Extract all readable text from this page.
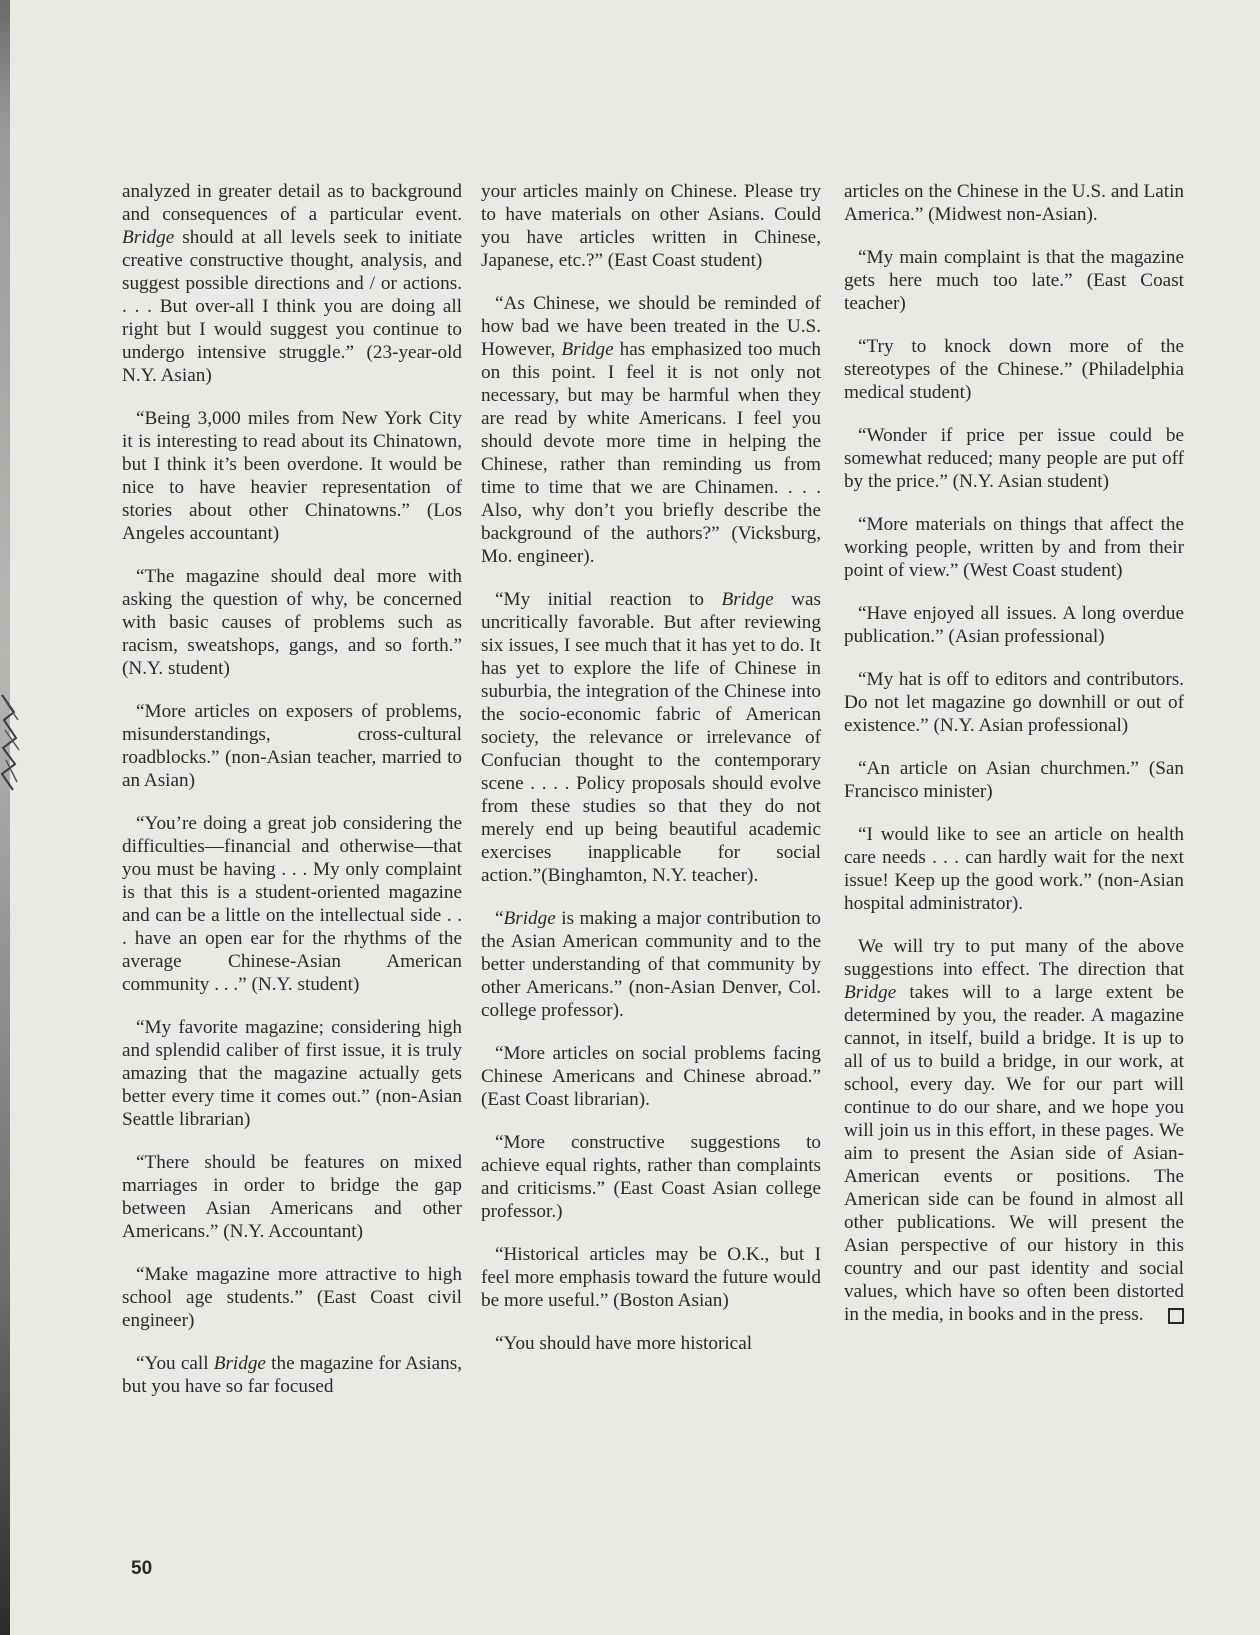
analyzed in greater detail as to background and consequences of a particular event. Bridge should at all levels seek to initiate creative constructive thought, analysis, and suggest possible directions and / or actions. . . . But over-all I think you are doing all right but I would suggest you continue to undergo intensive struggle.” (23-year-old N.Y. Asian)

“Being 3,000 miles from New York City it is interesting to read about its Chinatown, but I think it’s been overdone. It would be nice to have heavier representation of stories about other Chinatowns.” (Los Angeles accountant)

“The magazine should deal more with asking the question of why, be concerned with basic causes of problems such as racism, sweatshops, gangs, and so forth.” (N.Y. student)

“More articles on exposers of problems, misunderstandings, cross-cultural roadblocks.” (non-Asian teacher, married to an Asian)

“You’re doing a great job considering the difficulties—financial and otherwise—that you must be having . . . My only complaint is that this is a student-oriented magazine and can be a little on the intellectual side . . . have an open ear for the rhythms of the average Chinese-Asian American community . . .” (N.Y. student)

“My favorite magazine; considering high and splendid caliber of first issue, it is truly amazing that the magazine actually gets better every time it comes out.” (non-Asian Seattle librarian)

“There should be features on mixed marriages in order to bridge the gap between Asian Americans and other Americans.” (N.Y. Accountant)

“Make magazine more attractive to high school age students.” (East Coast civil engineer)

“You call Bridge the magazine for Asians, but you have so far focused

your articles mainly on Chinese. Please try to have materials on other Asians. Could you have articles written in Chinese, Japanese, etc.?” (East Coast student)

“As Chinese, we should be reminded of how bad we have been treated in the U.S. However, Bridge has emphasized too much on this point. I feel it is not only not necessary, but may be harmful when they are read by white Americans. I feel you should devote more time in helping the Chinese, rather than reminding us from time to time that we are Chinamen. . . . Also, why don’t you briefly describe the background of the authors?” (Vicksburg, Mo. engineer).

“My initial reaction to Bridge was uncritically favorable. But after reviewing six issues, I see much that it has yet to do. It has yet to explore the life of Chinese in suburbia, the integration of the Chinese into the socio-economic fabric of American society, the relevance or irrelevance of Confucian thought to the contemporary scene . . . . Policy proposals should evolve from these studies so that they do not merely end up being beautiful academic exercises inapplicable for social action.”(Binghamton, N.Y. teacher).

“Bridge is making a major contribution to the Asian American community and to the better understanding of that community by other Americans.” (non-Asian Denver, Col. college professor).

“More articles on social problems facing Chinese Americans and Chinese abroad.” (East Coast librarian).

“More constructive suggestions to achieve equal rights, rather than complaints and criticisms.” (East Coast Asian college professor.)

“Historical articles may be O.K., but I feel more emphasis toward the future would be more useful.” (Boston Asian)

“You should have more historical

articles on the Chinese in the U.S. and Latin America.” (Midwest non-Asian).

“My main complaint is that the magazine gets here much too late.” (East Coast teacher)

“Try to knock down more of the stereotypes of the Chinese.” (Philadelphia medical student)

“Wonder if price per issue could be somewhat reduced; many people are put off by the price.” (N.Y. Asian student)

“More materials on things that affect the working people, written by and from their point of view.” (West Coast student)

“Have enjoyed all issues. A long overdue publication.” (Asian professional)

“My hat is off to editors and contributors. Do not let magazine go downhill or out of existence.” (N.Y. Asian professional)

“An article on Asian churchmen.” (San Francisco minister)

“I would like to see an article on health care needs . . . can hardly wait for the next issue! Keep up the good work.” (non-Asian hospital administrator).

We will try to put many of the above suggestions into effect. The direction that Bridge takes will to a large extent be determined by you, the reader. A magazine cannot, in itself, build a bridge. It is up to all of us to build a bridge, in our work, at school, every day. We for our part will continue to do our share, and we hope you will join us in this effort, in these pages. We aim to present the Asian side of Asian-American events or positions. The American side can be found in almost all other publications. We will present the Asian perspective of our history in this country and our past identity and social values, which have so often been distorted in the media, in books and in the press.

50
